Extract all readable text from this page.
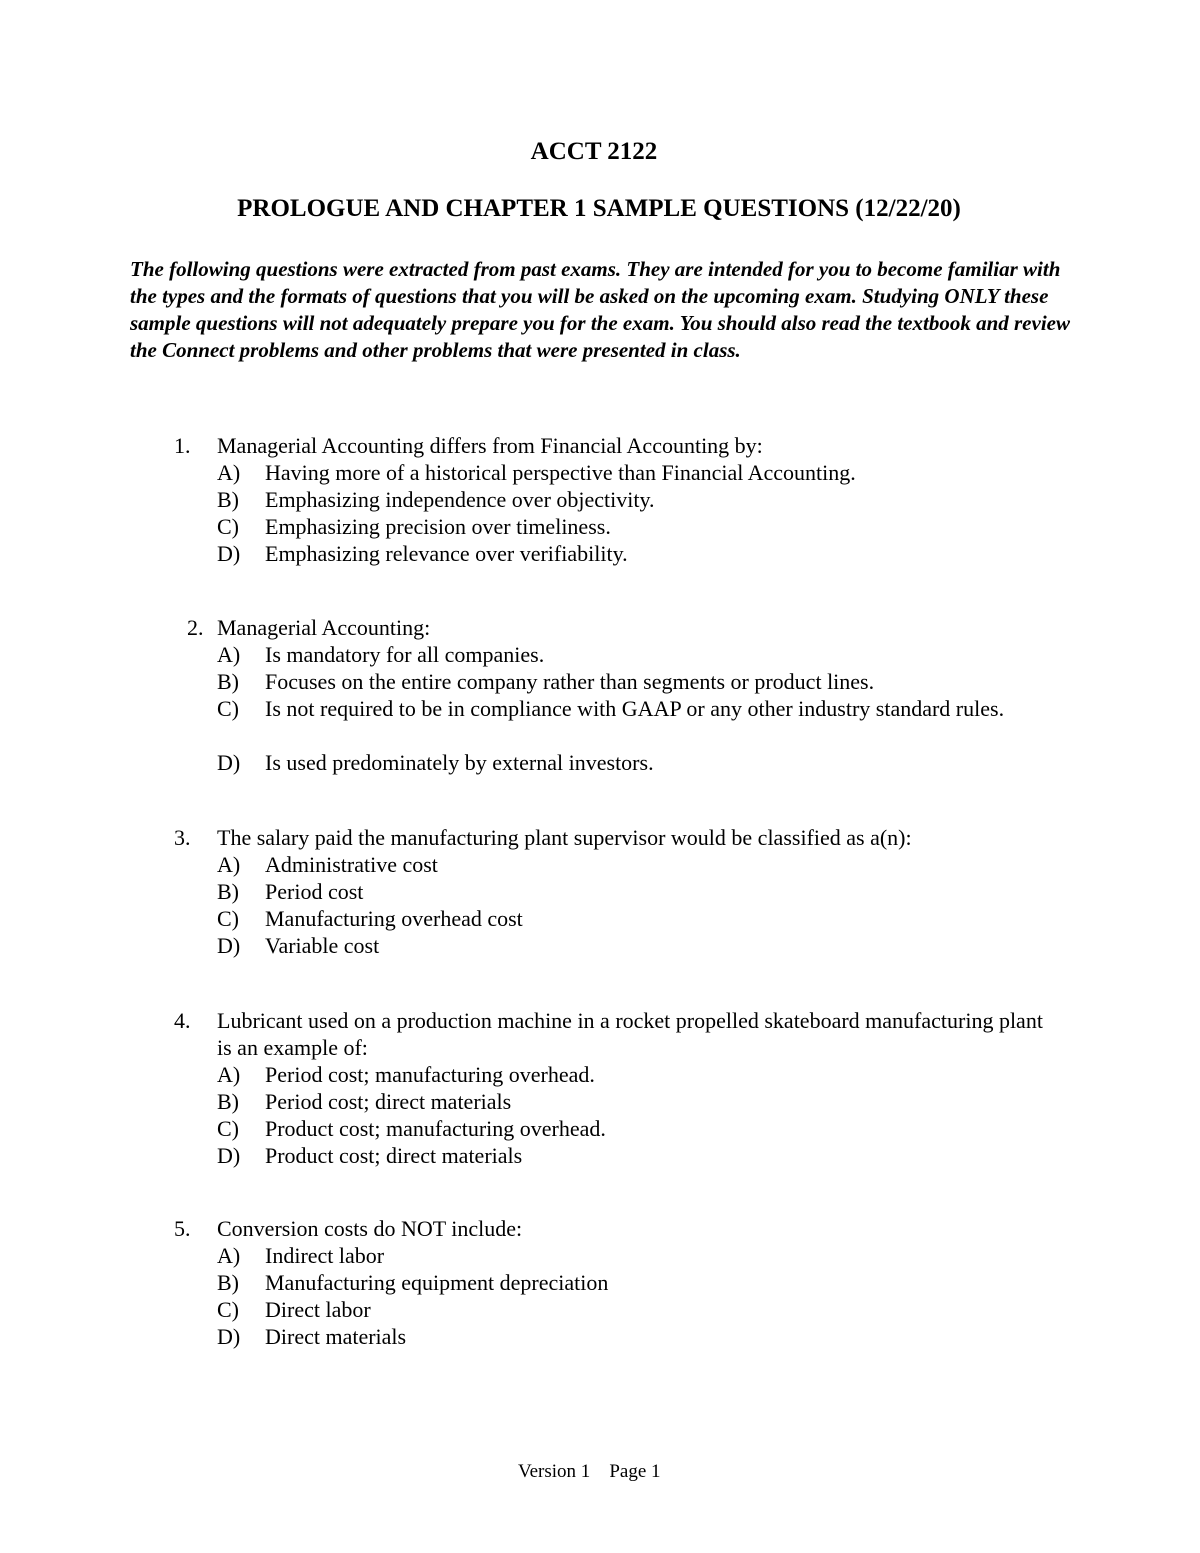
ACCT 2122
PROLOGUE AND CHAPTER 1 SAMPLE QUESTIONS (12/22/20)

The following questions were extracted from past exams. They are intended for you to become familiar with the types and the formats of questions that you will be asked on the upcoming exam. Studying ONLY these sample questions will not adequately prepare you for the exam. You should also read the textbook and review the Connect problems and other problems that were presented in class.

1. Managerial Accounting differs from Financial Accounting by:

A) Having more of a historical perspective than Financial Accounting.
B) Emphasizing independence over objectivity.
C) Emphasizing precision over timeliness.
D) Emphasizing relevance over verifiability.
2. Managerial Accounting:

A) Is mandatory for all companies.
B) Focuses on the entire company rather than segments or product lines.
C) Is not required to be in compliance with GAAP or any other industry standard rules.
D) Is used predominately by external investors.
3. The salary paid the manufacturing plant supervisor would be classified as a(n):

A) Administrative cost
B) Period cost
C) Manufacturing overhead cost
D) Variable cost
4. Lubricant used on a production machine in a rocket propelled skateboard manufacturing plant is an example of:

A) Period cost; manufacturing overhead.
B) Period cost; direct materials
C) Product cost; manufacturing overhead.
D) Product cost; direct materials
5. Conversion costs do NOT include:

A) Indirect labor
B) Manufacturing equipment depreciation
C) Direct labor
D) Direct materials
Version 1 Page 1
